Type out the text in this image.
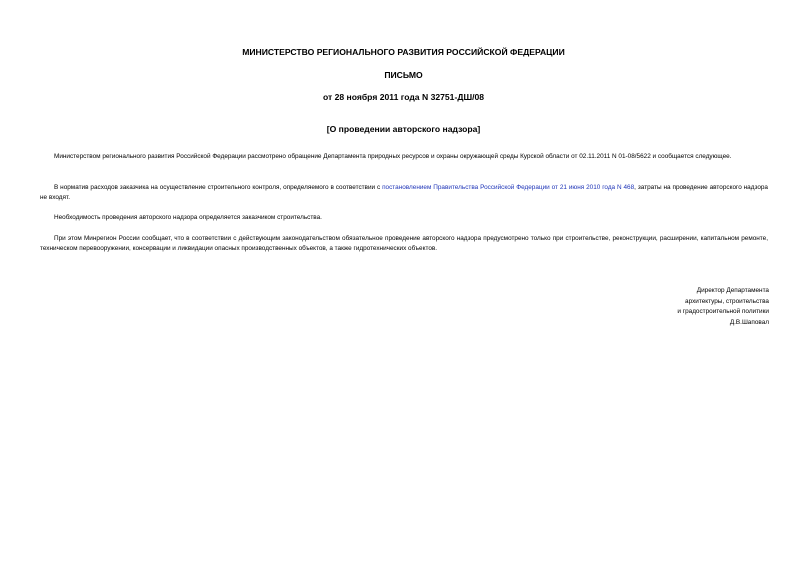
МИНИСТЕРСТВО РЕГИОНАЛЬНОГО РАЗВИТИЯ РОССИЙСКОЙ ФЕДЕРАЦИИ
ПИСЬМО
от 28 ноября 2011 года N 32751-ДШ/08
[О проведении авторского надзора]
Министерством регионального развития Российской Федерации рассмотрено обращение Департамента природных ресурсов и охраны окружающей среды Курской области от 02.11.2011 N 01-08/5622 и сообщается следующее.
В норматив расходов заказчика на осуществление строительного контроля, определяемого в соответствии с постановлением Правительства Российской Федерации от 21 июня 2010 года N 468, затраты на проведение авторского надзора не входят.
Необходимость проведения авторского надзора определяется заказчиком строительства.
При этом Минрегион России сообщает, что в соответствии с действующим законодательством обязательное проведение авторского надзора предусмотрено только при строительстве, реконструкции, расширении, капитальном ремонте, техническом перевооружении, консервации и ликвидации опасных производственных объектов, а также гидротехнических объектов.
Директор Департамента
архитектуры, строительства
и градостроительной политики
Д.В.Шаповал
